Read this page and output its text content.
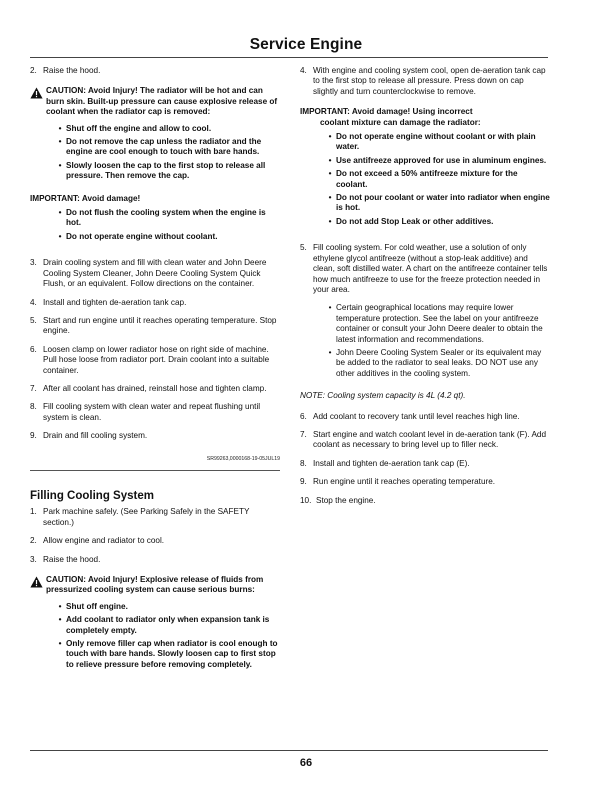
Service Engine
2. Raise the hood.
CAUTION: Avoid Injury! The radiator will be hot and can burn skin. Built-up pressure can cause explosive release of coolant when the radiator cap is removed:
• Shut off the engine and allow to cool.
• Do not remove the cap unless the radiator and the engine are cool enough to touch with bare hands.
• Slowly loosen the cap to the first stop to release all pressure. Then remove the cap.
IMPORTANT: Avoid damage!
• Do not flush the cooling system when the engine is hot.
• Do not operate engine without coolant.
3. Drain cooling system and fill with clean water and John Deere Cooling System Cleaner, John Deere Cooling System Quick Flush, or an equivalent. Follow directions on the container.
4. Install and tighten de-aeration tank cap.
5. Start and run engine until it reaches operating temperature. Stop engine.
6. Loosen clamp on lower radiator hose on right side of machine. Pull hose loose from radiator port. Drain coolant into a suitable container.
7. After all coolant has drained, reinstall hose and tighten clamp.
8. Fill cooling system with clean water and repeat flushing until system is clean.
9. Drain and fill cooling system.
SR99263,0000168-19-05JUL19
Filling Cooling System
1. Park machine safely. (See Parking Safely in the SAFETY section.)
2. Allow engine and radiator to cool.
3. Raise the hood.
CAUTION: Avoid Injury! Explosive release of fluids from pressurized cooling system can cause serious burns:
• Shut off engine.
• Add coolant to radiator only when expansion tank is completely empty.
• Only remove filler cap when radiator is cool enough to touch with bare hands. Slowly loosen cap to first stop to relieve pressure before removing completely.
4. With engine and cooling system cool, open de-aeration tank cap to the first stop to release all pressure. Press down on cap slightly and turn counterclockwise to remove.
IMPORTANT: Avoid damage! Using incorrect
coolant mixture can damage the radiator:
• Do not operate engine without coolant or with plain water.
• Use antifreeze approved for use in aluminum engines.
• Do not exceed a 50% antifreeze mixture for the coolant.
• Do not pour coolant or water into radiator when engine is hot.
• Do not add Stop Leak or other additives.
5. Fill cooling system. For cold weather, use a solution of only ethylene glycol antifreeze (without a stop-leak additive) and clean, soft distilled water. A chart on the antifreeze container tells how much antifreeze to use for the freeze protection needed in your area.
• Certain geographical locations may require lower temperature protection. See the label on your antifreeze container or consult your John Deere dealer to obtain the latest information and recommendations.
• John Deere Cooling System Sealer or its equivalent may be added to the radiator to seal leaks. DO NOT use any other additives in the cooling system.
NOTE: Cooling system capacity is 4L (4.2 qt).
6. Add coolant to recovery tank until level reaches high line.
7. Start engine and watch coolant level in de-aeration tank (F). Add coolant as necessary to bring level up to filler neck.
8. Install and tighten de-aeration tank cap (E).
9. Run engine until it reaches operating temperature.
10. Stop the engine.
66
